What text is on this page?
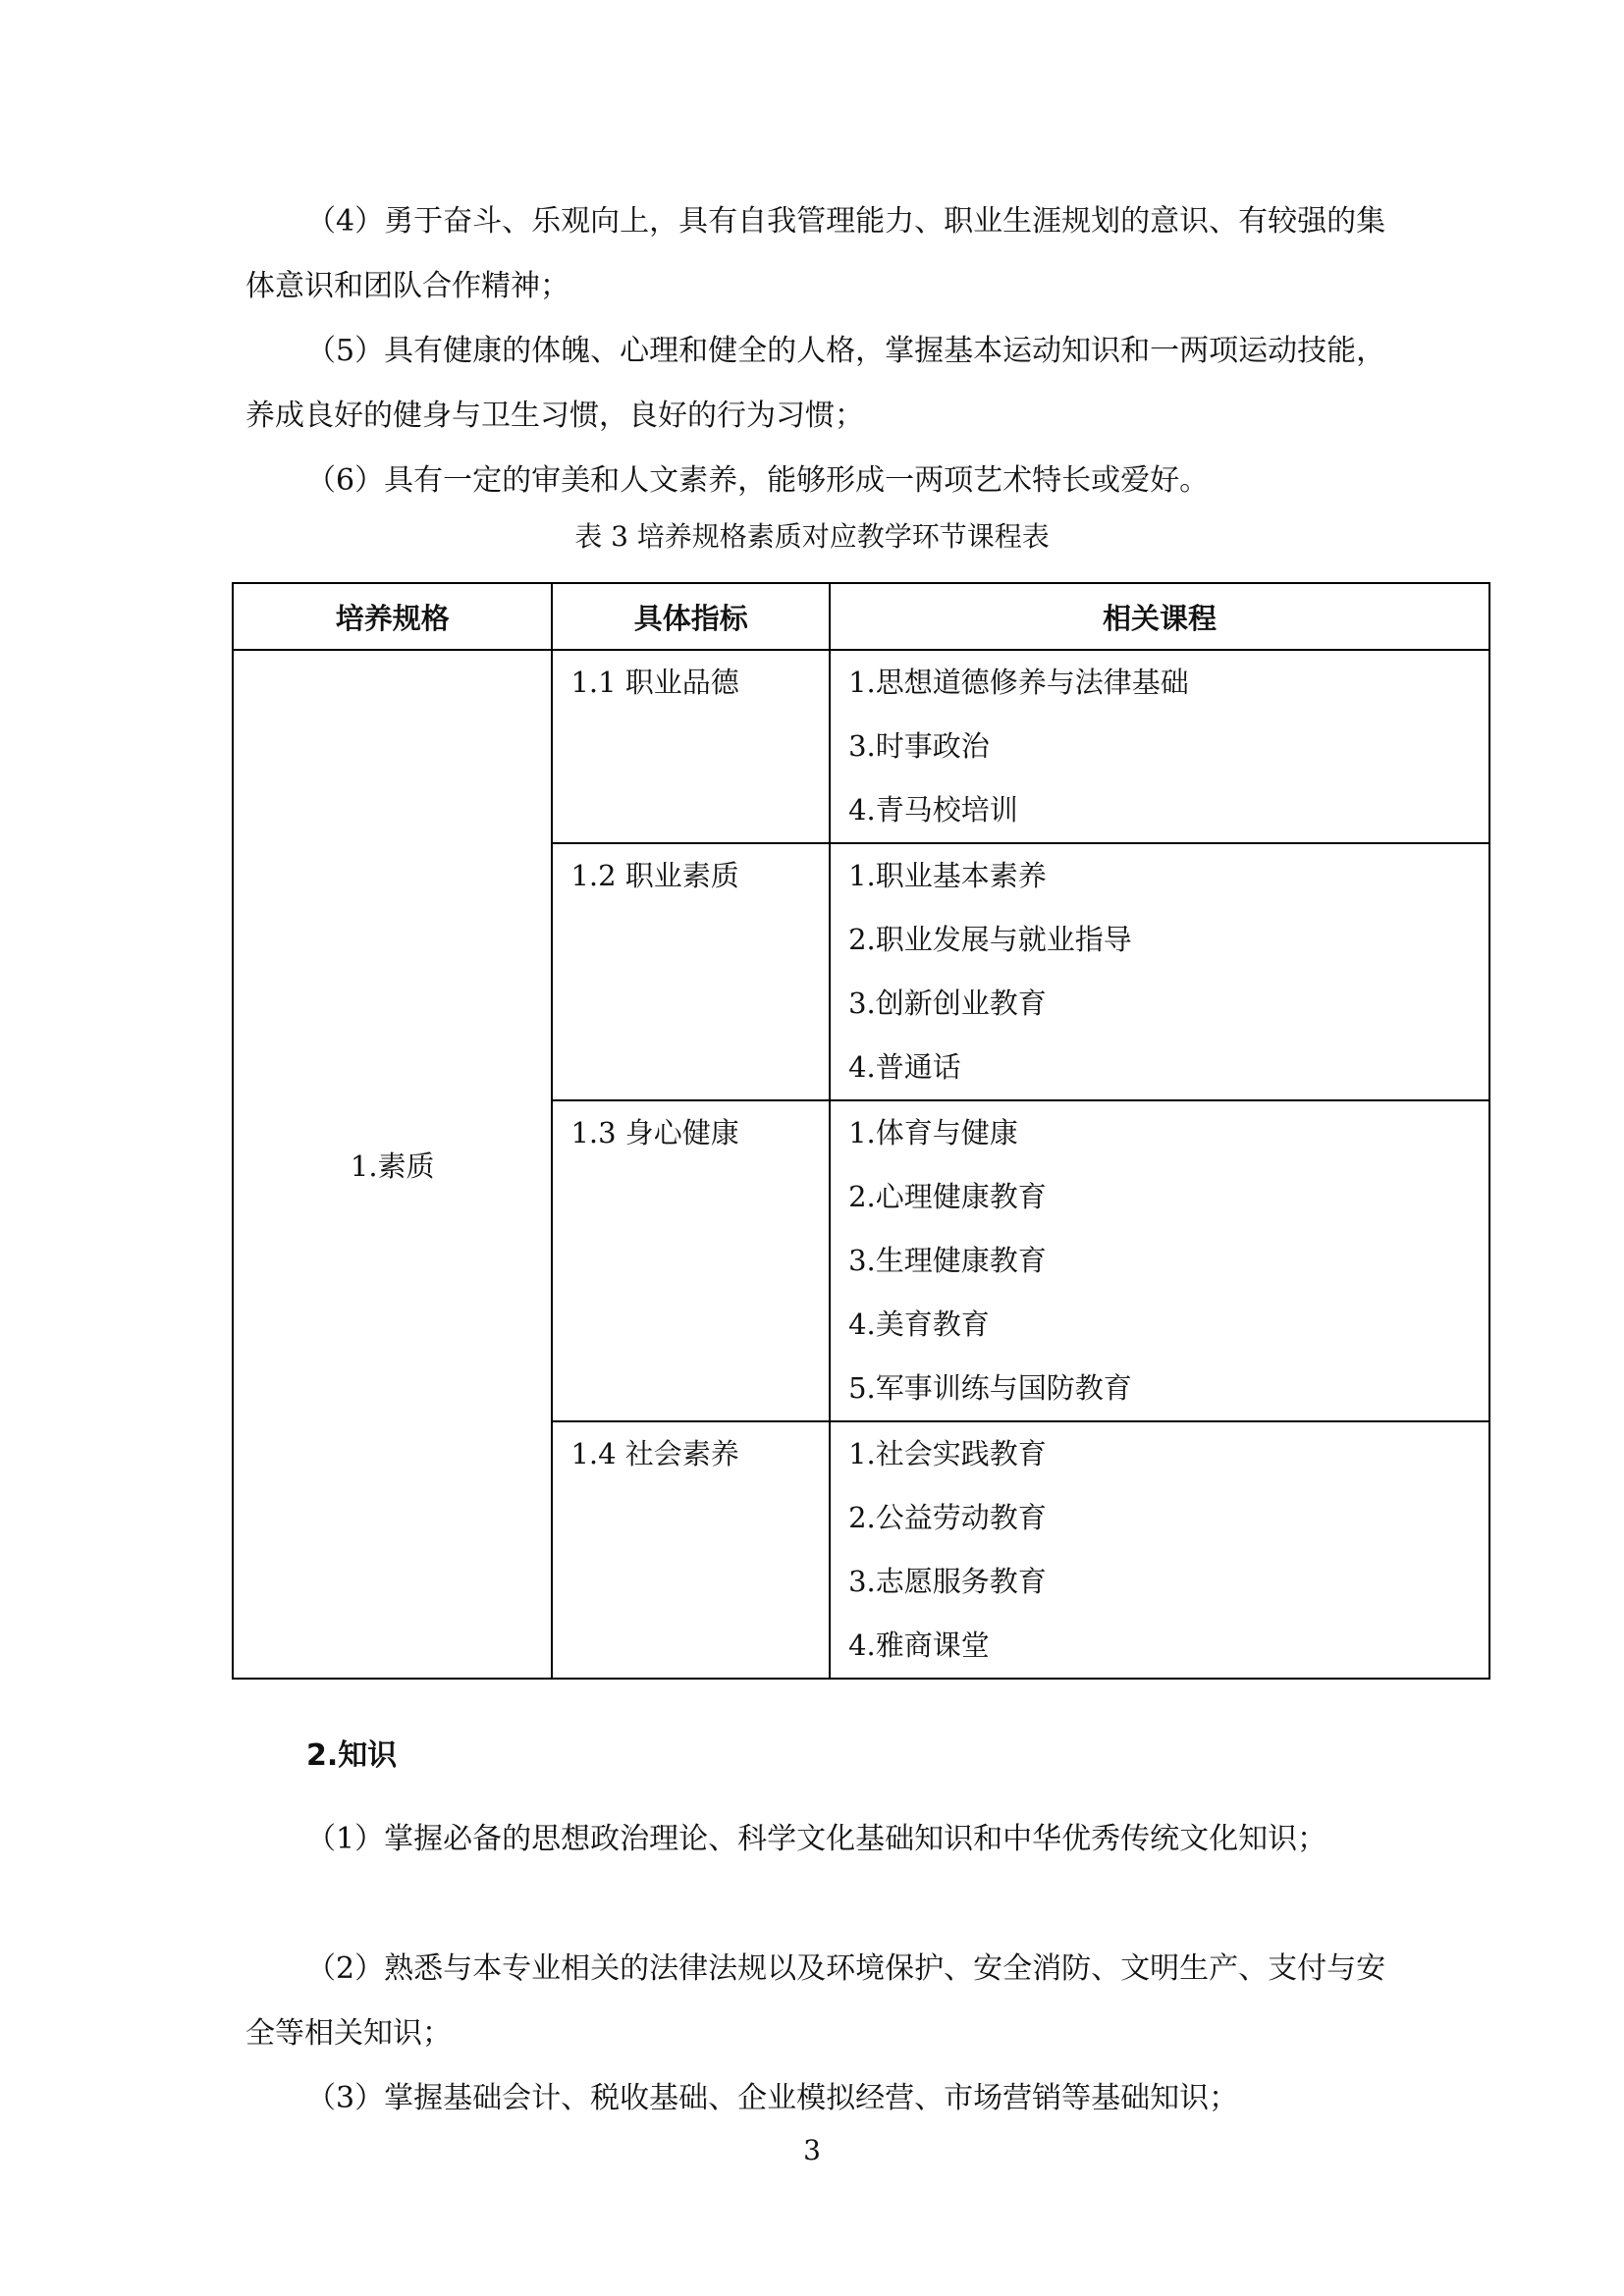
（4）勇于奋斗、乐观向上，具有自我管理能力、职业生涯规划的意识、有较强的集体意识和团队合作精神；

（5）具有健康的体魄、心理和健全的人格，掌握基本运动知识和一两项运动技能，养成良好的健身与卫生习惯，良好的行为习惯；

（6）具有一定的审美和人文素养，能够形成一两项艺术特长或爱好。

表 3 培养规格素质对应教学环节课程表
培养规格	具体指标	相关课程
1.素质	1.1 职业品德	1.思想道德修养与法律基础
3.时事政治
4.青马校培训

	1.2 职业素质	1.职业基本素养
2.职业发展与就业指导
3.创新创业教育
4.普通话

	1.3 身心健康	1.体育与健康
2.心理健康教育
3.生理健康教育
4.美育教育
5.军事训练与国防教育

	1.4 社会素养	1.社会实践教育
2.公益劳动教育
3.志愿服务教育
4.雅商课堂
2.知识

（1）掌握必备的思想政治理论、科学文化基础知识和中华优秀传统文化知识；

（2）熟悉与本专业相关的法律法规以及环境保护、安全消防、文明生产、支付与安全等相关知识；

（3）掌握基础会计、税收基础、企业模拟经营、市场营销等基础知识；

3
